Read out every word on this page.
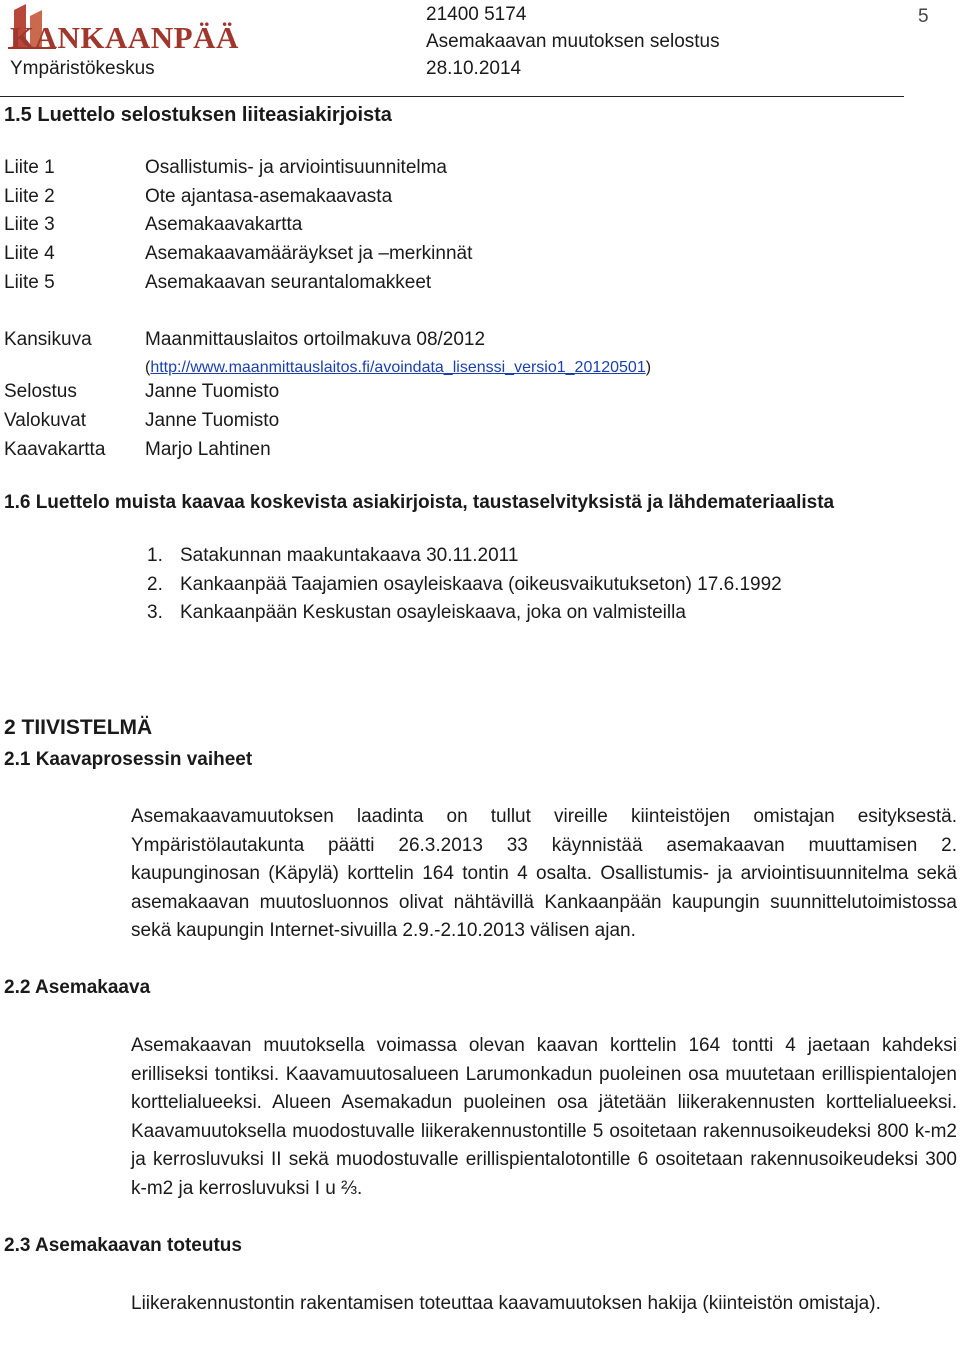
KANKAANPÄÄ
Ympäristökeskus
21400 5174
Asemakaavan muutoksen selostus
28.10.2014
5
1.5 Luettelo selostuksen liiteasiakirjoista
Liite 1	Osallistumis- ja arviointisuunnitelma
Liite 2	Ote ajantasa-asemakaavasta
Liite 3	Asemakaavakartta
Liite 4	Asemakaavamääräykset ja –merkinnät
Liite 5	Asemakaavan seurantalomakkeet
Kansikuva	Maanmittauslaitos ortoilmakuva 08/2012
(http://www.maanmittauslaitos.fi/avoindata_lisenssi_versio1_20120501)
Selostus	Janne Tuomisto
Valokuvat	Janne Tuomisto
Kaavakartta Marjo Lahtinen
1.6 Luettelo muista kaavaa koskevista asiakirjoista, taustaselvityksistä ja lähdemateriaalista
1. Satakunnan maakuntakaava 30.11.2011
2. Kankaanpää Taajamien osayleiskaava (oikeusvaikutukseton) 17.6.1992
3. Kankaanpään Keskustan osayleiskaava, joka on valmisteilla
2 TIIVISTELMÄ
2.1 Kaavaprosessin vaiheet
Asemakaavamuutoksen laadinta on tullut vireille kiinteistöjen omistajan esityksestä. Ympäristölautakunta päätti 26.3.2013 33 käynnistää asemakaavan muuttamisen 2. kaupunginosan (Käpylä) korttelin 164 tontin 4 osalta. Osallistumis- ja arviointisuunnitelma sekä asemakaavan muutosluonnos olivat nähtävillä Kankaanpään kaupungin suunnittelutoimistossa sekä kaupungin Internet-sivuilla 2.9.-2.10.2013 välisen ajan.
2.2 Asemakaava
Asemakaavan muutoksella voimassa olevan kaavan korttelin 164 tontti 4 jaetaan kahdeksi erilliseksi tontiksi. Kaavamuutosalueen Larumonkadun puoleinen osa muutetaan erillispientalojen korttelialueeksi. Alueen Asemakadun puoleinen osa jätetään liikerakennusten korttelialueeksi. Kaavamuutoksella muodostuvalle liikerakennustontille 5 osoitetaan rakennusoikeudeksi 800 k-m2 ja kerrosluvuksi II sekä muodostuvalle erillispientalotontille 6 osoitetaan rakennusoikeudeksi 300 k-m2 ja kerrosluvuksi I u ⅔.
2.3 Asemakaavan toteutus
Liikerakennustontin rakentamisen toteuttaa kaavamuutoksen hakija (kiinteistön omistaja).
